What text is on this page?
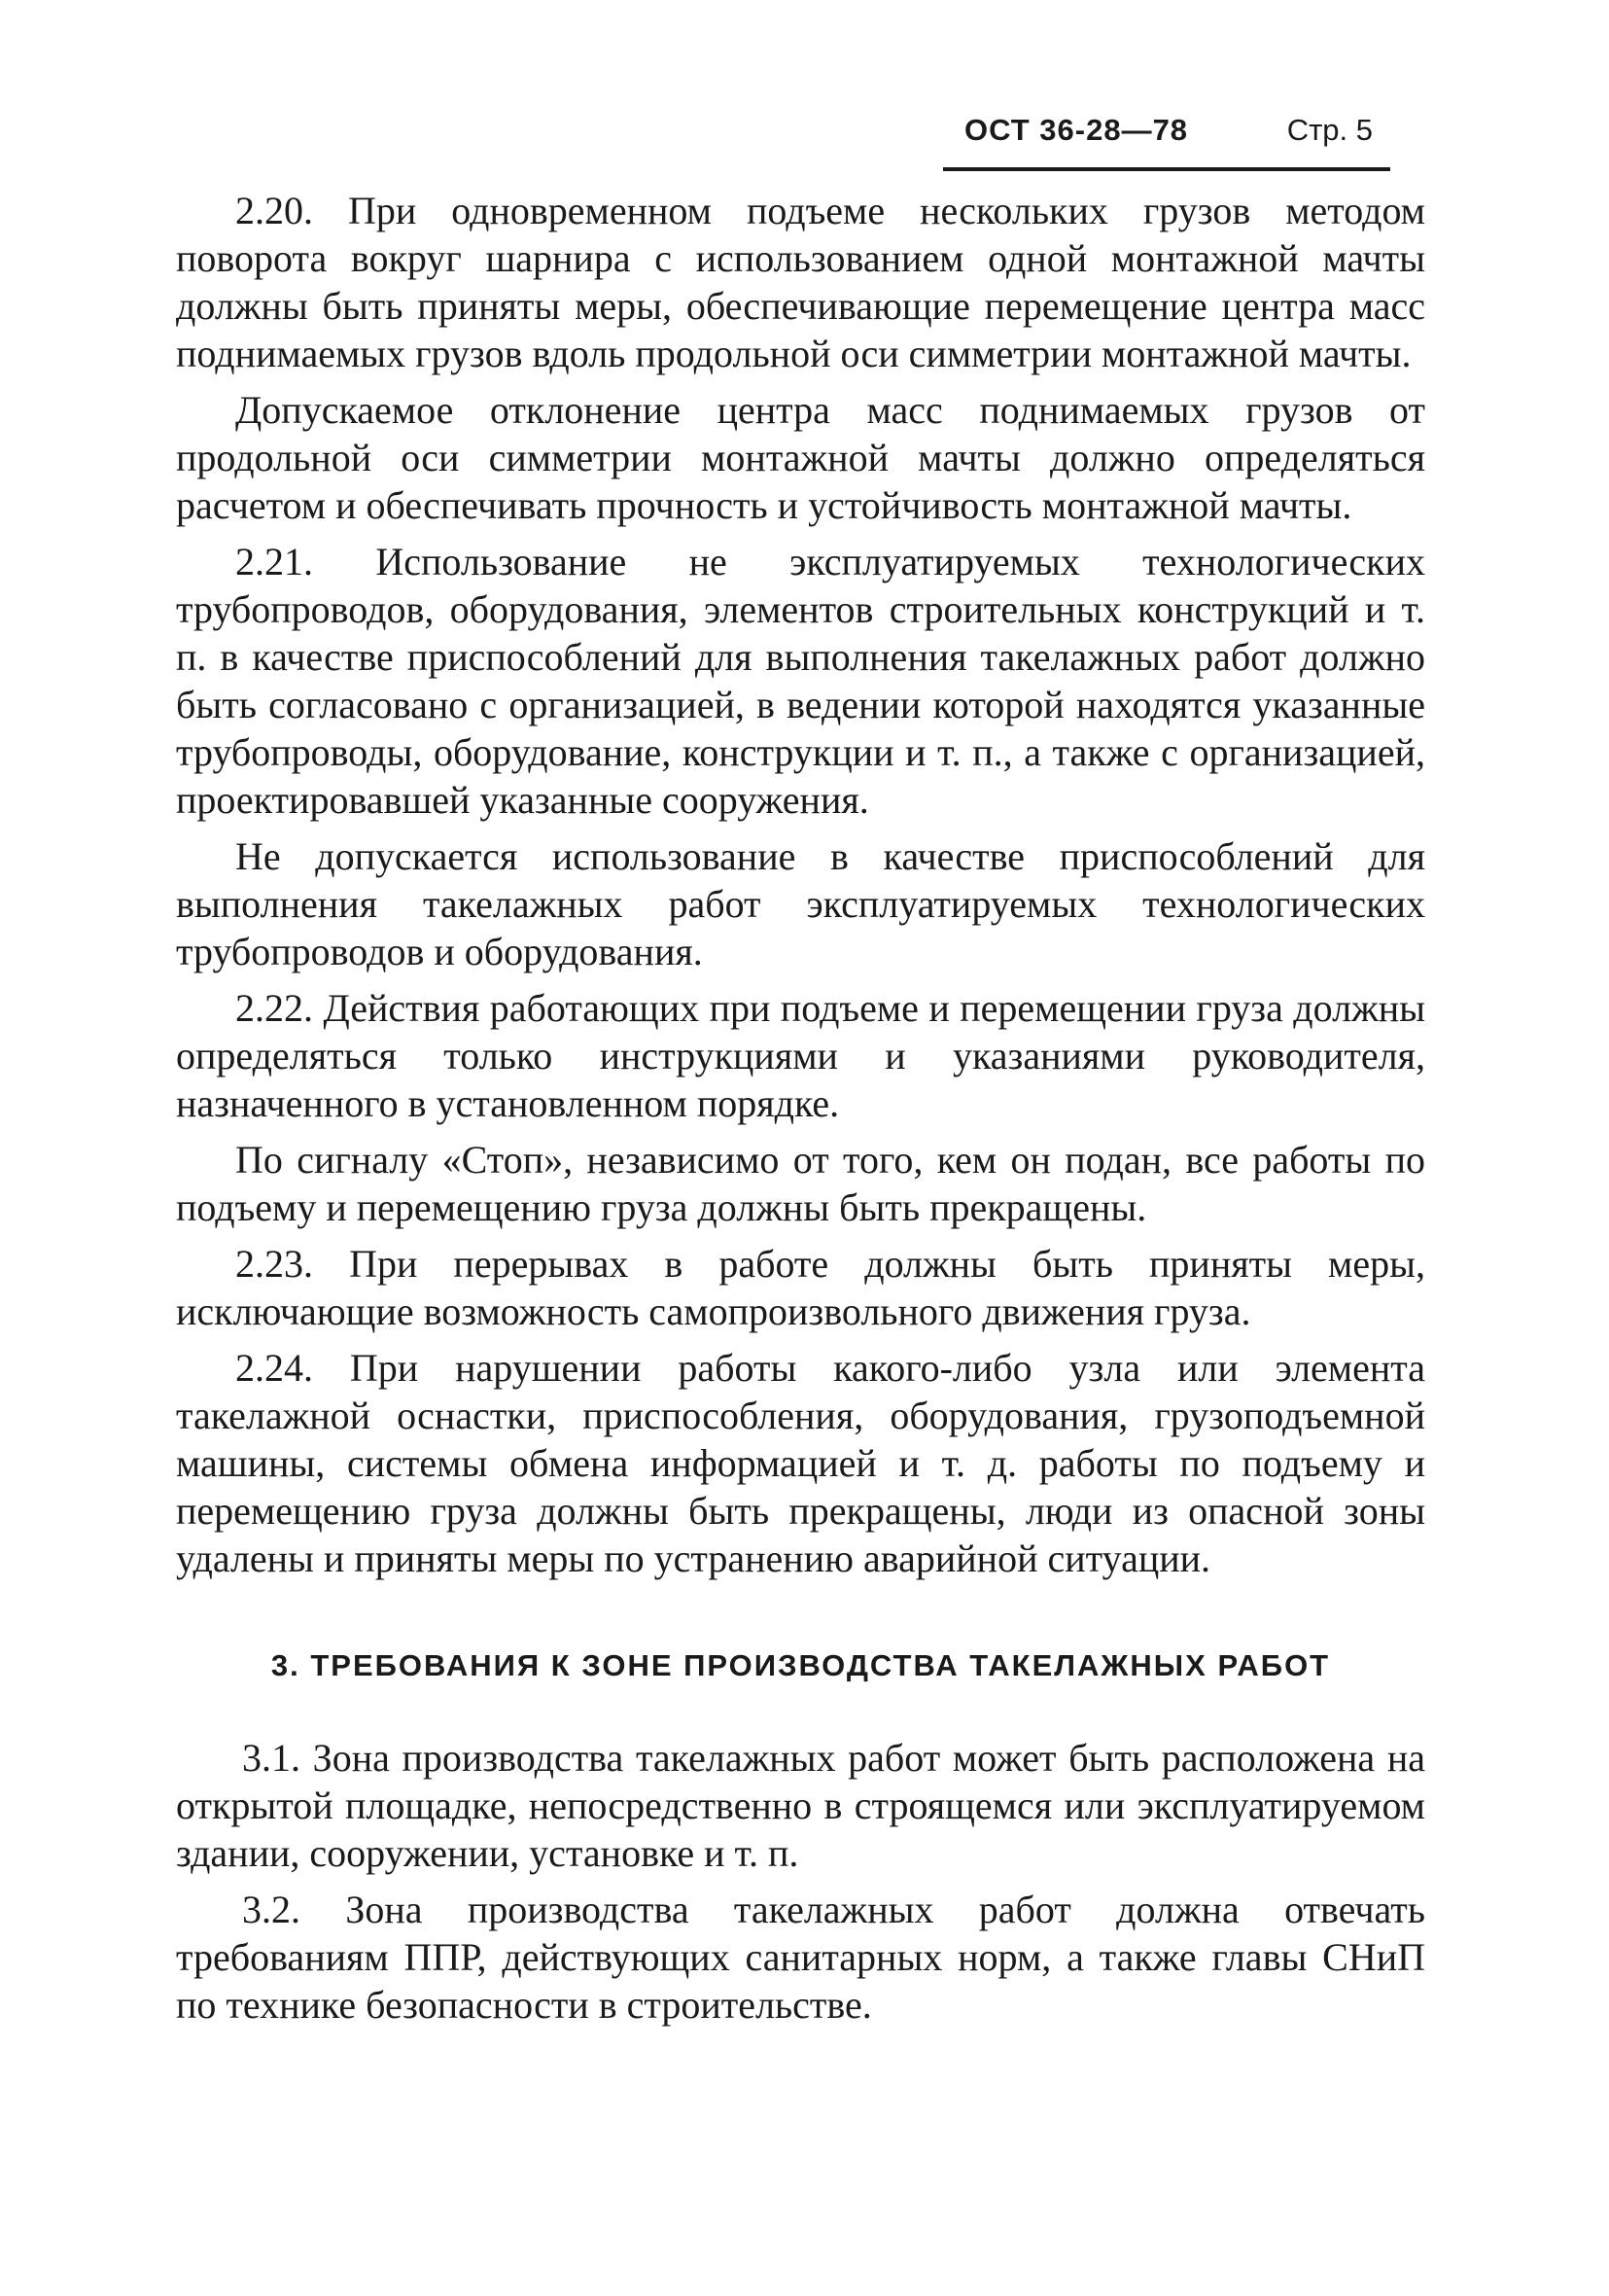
ОСТ 36-28—78	Стр. 5

2.20. При одновременном подъеме нескольких грузов методом поворота вокруг шарнира с использованием одной монтажной мачты должны быть приняты меры, обеспечивающие перемещение центра масс поднимаемых грузов вдоль продольной оси симметрии монтажной мачты.

Допускаемое отклонение центра масс поднимаемых грузов от продольной оси симметрии монтажной мачты должно определяться расчетом и обеспечивать прочность и устойчивость монтажной мачты.

2.21. Использование не эксплуатируемых технологических трубопроводов, оборудования, элементов строительных конструкций и т. п. в качестве приспособлений для выполнения такелажных работ должно быть согласовано с организацией, в ведении которой находятся указанные трубопроводы, оборудование, конструкции и т. п., а также с организацией, проектировавшей указанные сооружения.

Не допускается использование в качестве приспособлений для выполнения такелажных работ эксплуатируемых технологических трубопроводов и оборудования.

2.22. Действия работающих при подъеме и перемещении груза должны определяться только инструкциями и указаниями руководителя, назначенного в установленном порядке.

По сигналу «Стоп», независимо от того, кем он подан, все работы по подъему и перемещению груза должны быть прекращены.

2.23. При перерывах в работе должны быть приняты меры, исключающие возможность самопроизвольного движения груза.

2.24. При нарушении работы какого-либо узла или элемента такелажной оснастки, приспособления, оборудования, грузоподъемной машины, системы обмена информацией и т. д. работы по подъему и перемещению груза должны быть прекращены, люди из опасной зоны удалены и приняты меры по устранению аварийной ситуации.

3. ТРЕБОВАНИЯ К ЗОНЕ ПРОИЗВОДСТВА ТАКЕЛАЖНЫХ РАБОТ

3.1. Зона производства такелажных работ может быть расположена на открытой площадке, непосредственно в строящемся или эксплуатируемом здании, сооружении, установке и т. п.

3.2. Зона производства такелажных работ должна отвечать требованиям ППР, действующих санитарных норм, а также главы СНиП по технике безопасности в строительстве.
